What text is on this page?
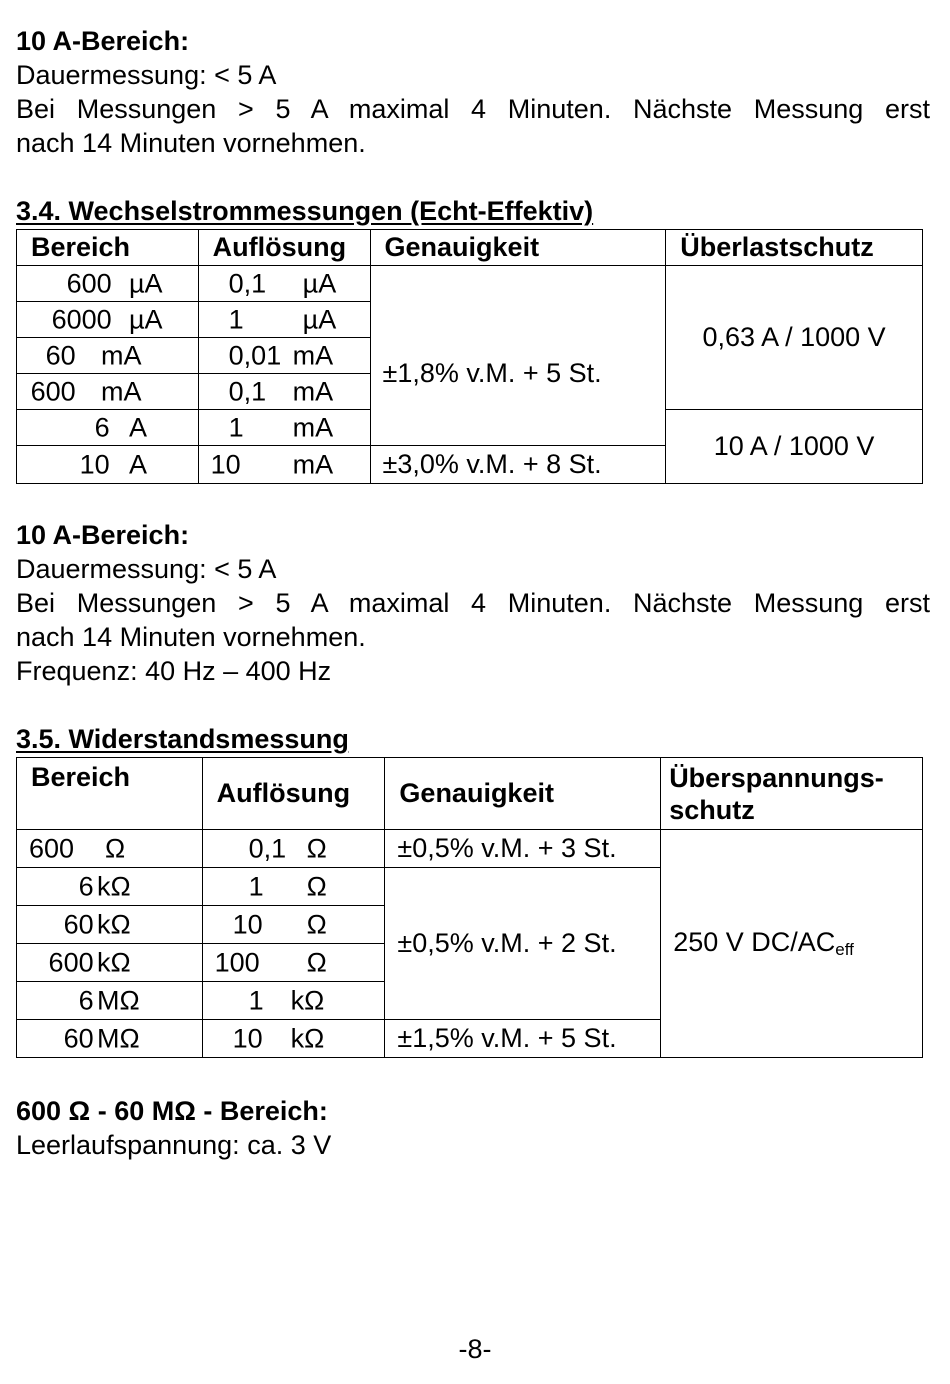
10 A-Bereich:
Dauermessung: < 5 A
Bei Messungen > 5 A maximal 4 Minuten. Nächste Messung erst
nach 14 Minuten vornehmen.
3.4. Wechselstrommessungen (Echt-Effektiv)
Bereich	Auflösung	Genauigkeit	Überlastschutz

600 µA	0,1 µA	±1,8% v.M. + 5 St.	0,63 A / 1000 V

6000 µA	1 µA		

60 mA	0,01 mA		

600 mA	0,1 mA		

6 A	1 mA		10 A / 1000 V

10 A	10 mA	±3,0% v.M. + 8 St.	
10 A-Bereich:
Dauermessung: < 5 A
Bei Messungen > 5 A maximal 4 Minuten. Nächste Messung erst
nach 14 Minuten vornehmen.
Frequenz: 40 Hz – 400 Hz
3.5. Widerstandsmessung
Bereich	Auflösung	Genauigkeit	Überspannungs-
schutz

600 Ω	0,1 Ω	±0,5% v.M. + 3 St.	250 V $DC/AC_{eff}$

6 kΩ	1 Ω	±0,5% v.M. + 2 St.	

60 kΩ	10 Ω		

600 kΩ	100 Ω		

6 MΩ	1 kΩ		

60 MΩ	10 kΩ	±1,5% v.M. + 5 St.	
600 Ω - 60 MΩ - Bereich:
Leerlaufspannung: ca. 3 V
-8-
